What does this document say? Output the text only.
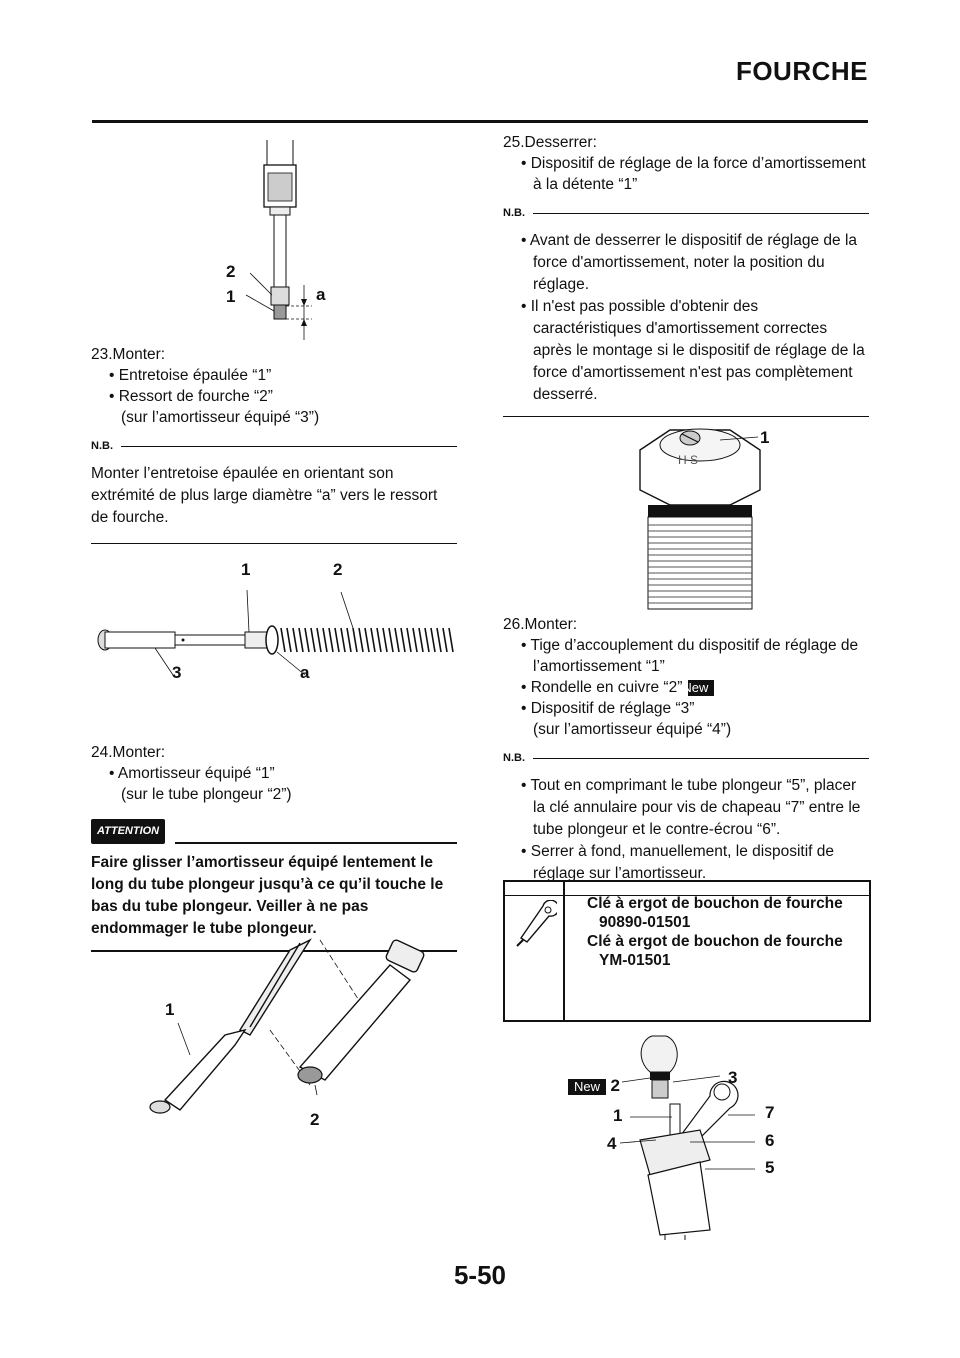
FOURCHE
2
1	a

23.Monter:

• Entretoise épaulée “1”

• Ressort de fourche “2”

(sur l’amortisseur équipé “3”)

N.B.

Monter l’entretoise épaulée en orientant son extrémité de plus large diamètre “a” vers le ressort de fourche.

1	2
3	a

24.Monter:

• Amortisseur équipé “1”

(sur le tube plongeur “2”)

ATTENTION

Faire glisser l’amortisseur équipé lentement le long du tube plongeur jusqu’à ce qu’il touche le bas du tube plongeur. Veiller à ne pas endommager le tube plongeur.

1
2

25.Desserrer:

• Dispositif de réglage de la force d’amortissement à la détente “1”

N.B.

• Avant de desserrer le dispositif de réglage de la force d'amortissement, noter la position du réglage.

• Il n'est pas possible d'obtenir des caractéristiques d'amortissement correctes après le montage si le dispositif de réglage de la force d'amortissement n'est pas complètement desserré.

H S
1

26.Monter:

• Tige d’accouplement du dispositif de réglage de l’amortissement “1”

• Rondelle en cuivre “2”New

• Dispositif de réglage “3”

(sur l’amortisseur équipé “4”)

N.B.

• Tout en comprimant le tube plongeur “5”, placer la clé annulaire pour vis de chapeau “7” entre le tube plongeur et le contre-écrou “6”.

• Serrer à fond, manuellement, le dispositif de réglage sur l’amortisseur.

Clé à ergot de bouchon de fourche
90890-01501
Clé à ergot de bouchon de fourche
YM-01501
3
New 2
1	7
4	6
5
5-50
